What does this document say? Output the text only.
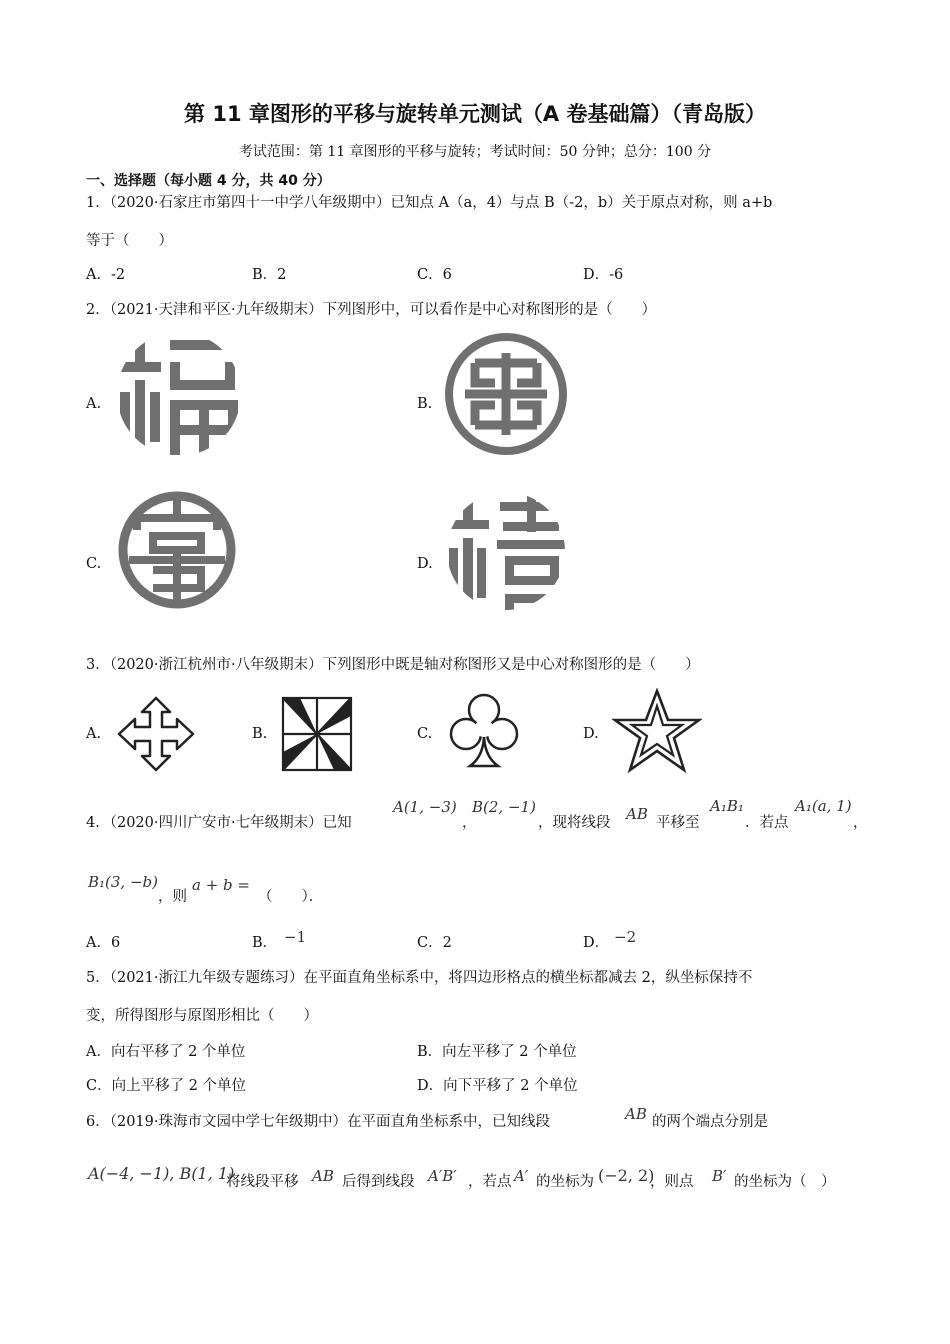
第 11 章图形的平移与旋转单元测试（A 卷基础篇）（青岛版）
考试范围：第 11 章图形的平移与旋转；考试时间：50 分钟；总分：100 分
一、选择题（每小题 4 分，共 40 分）
1．（2020·石家庄市第四十一中学八年级期中）已知点 A（a，4）与点 B（-2，b）关于原点对称，则 a+b
等于（　　）
A．-2	B．2	C．6	D．-6
2．（2021·天津和平区·九年级期末）下列图形中，可以看作是中心对称图形的是（　　）
A.	B.
C.	D.
3．（2020·浙江杭州市·八年级期末）下列图形中既是轴对称图形又是中心对称图形的是（　　）
A.	B.	C.	D.
4．（2020·四川广安市·七年级期末）已知
A(1, −3)
，
B(2, −1)
，现将线段 AB 平移至
A₁B₁
．若点
A₁(a, 1)
，
B₁(3, −b)
，则
a + b =
（　　）．
A．6	B． −1	C．2	D． −2
5．（2021·浙江九年级专题练习）在平面直角坐标系中，将四边形格点的横坐标都减去 2，纵坐标保持不
变，所得图形与原图形相比（　　）
A．向右平移了 2 个单位	B．向左平移了 2 个单位
C．向上平移了 2 个单位	D．向下平移了 2 个单位
6．（2019·珠海市文园中学七年级期中）在平面直角坐标系中，已知线段	AB 的两个端点分别是
A(−4, −1), B(1, 1)
将线段平移 AB 后得到线段 A′B′ ，若点 A′ 的坐标为 (−2, 2)
，则点 B′ 的坐标为（　）
